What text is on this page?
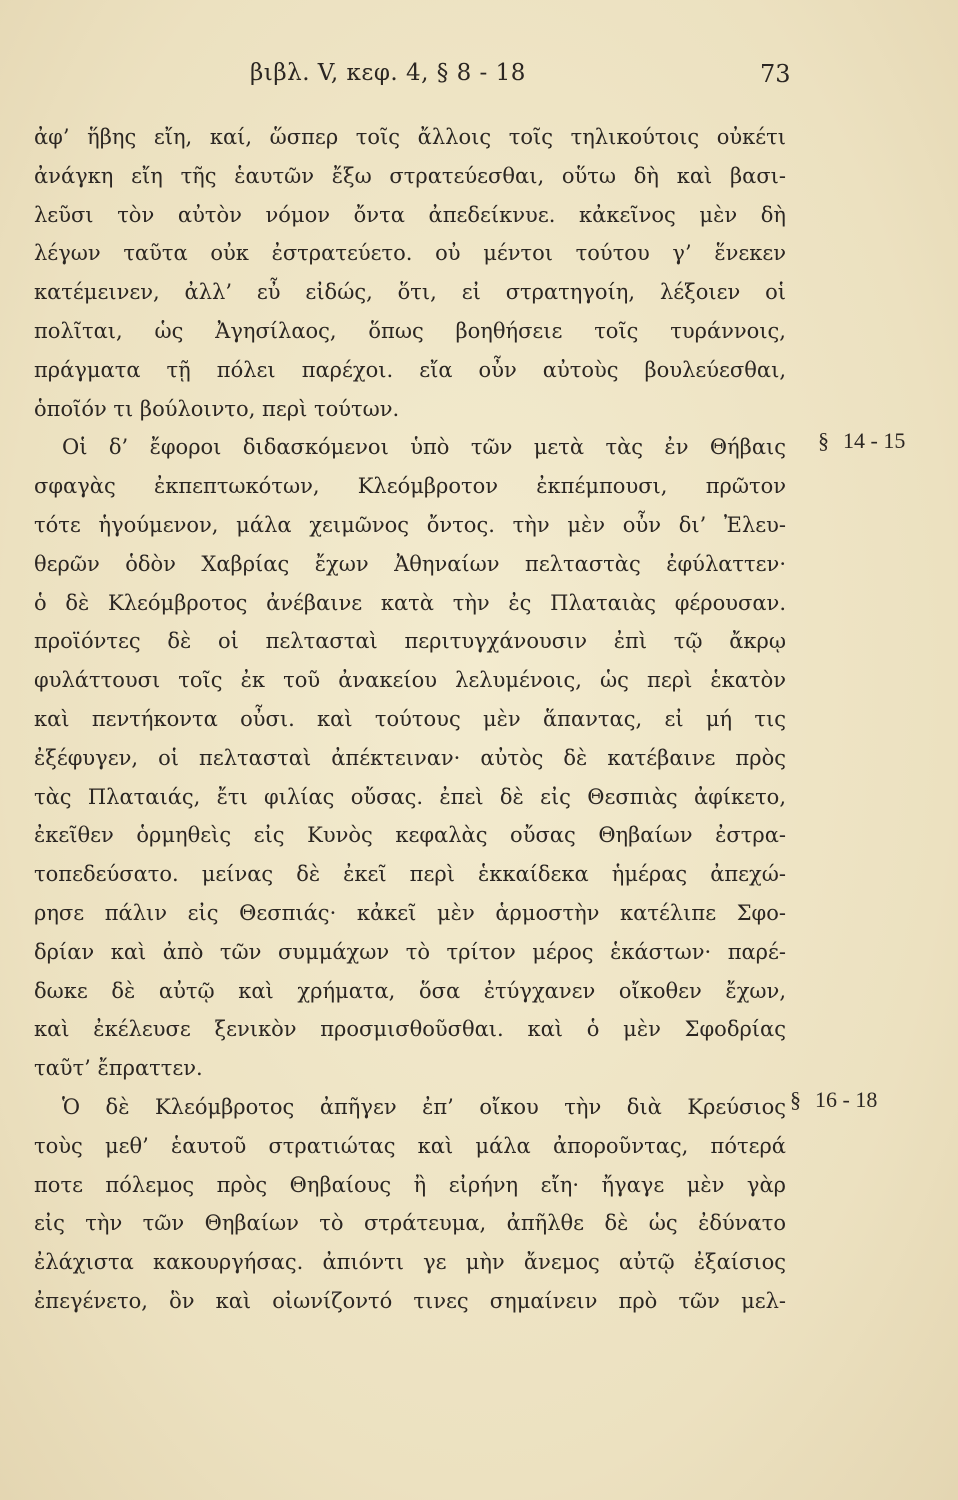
βιβλ. V, κεφ. 4, § 8 - 18	73
ἀφ’ ἥβης εἴη, καί, ὥσπερ τοῖς ἄλλοις τοῖς τηλικούτοις οὐκέτι
ἀνάγκη εἴη τῆς ἑαυτῶν ἔξω στρατεύεσθαι, οὕτω δὴ καὶ βασι-
λεῦσι τὸν αὐτὸν νόμον ὄντα ἀπεδείκνυε. κἀκεῖνος μὲν δὴ
λέγων ταῦτα οὐκ ἐστρατεύετο. οὐ μέντοι τούτου γ’ ἕνεκεν
κατέμεινεν, ἀλλ’ εὖ εἰδώς, ὅτι, εἰ στρατηγοίη, λέξοιεν οἱ
πολῖται, ὡς Ἀγησίλαος, ὅπως βοηθήσειε τοῖς τυράννοις,
πράγματα τῇ πόλει παρέχοι. εἴα οὖν αὐτοὺς βουλεύεσθαι,
ὁποῖόν τι βούλοιντο, περὶ τούτων.
Οἱ δ’ ἔφοροι διδασκόμενοι ὑπὸ τῶν μετὰ τὰς ἐν Θήβαις
σφαγὰς ἐκπεπτωκότων, Κλεόμβροτον ἐκπέμπουσι, πρῶτον
τότε ἡγούμενον, μάλα χειμῶνος ὄντος. τὴν μὲν οὖν δι’ Ἐλευ-
θερῶν ὁδὸν Χαβρίας ἔχων Ἀθηναίων πελταστὰς ἐφύλαττεν·
ὁ δὲ Κλεόμβροτος ἀνέβαινε κατὰ τὴν ἐς Πλαταιὰς φέρουσαν.
προϊόντες δὲ οἱ πελτασταὶ περιτυγχάνουσιν ἐπὶ τῷ ἄκρῳ
φυλάττουσι τοῖς ἐκ τοῦ ἀνακείου λελυμένοις, ὡς περὶ ἑκατὸν
καὶ πεντήκοντα οὖσι. καὶ τούτους μὲν ἅπαντας, εἰ μή τις
ἐξέφυγεν, οἱ πελτασταὶ ἀπέκτειναν· αὐτὸς δὲ κατέβαινε πρὸς
τὰς Πλαταιάς, ἔτι φιλίας οὔσας. ἐπεὶ δὲ εἰς Θεσπιὰς ἀφίκετο,
ἐκεῖθεν ὁρμηθεὶς εἰς Κυνὸς κεφαλὰς οὔσας Θηβαίων ἐστρα-
τοπεδεύσατο. μείνας δὲ ἐκεῖ περὶ ἑκκαίδεκα ἡμέρας ἀπεχώ-
ρησε πάλιν εἰς Θεσπιάς· κἀκεῖ μὲν ἁρμοστὴν κατέλιπε Σφο-
δρίαν καὶ ἀπὸ τῶν συμμάχων τὸ τρίτον μέρος ἑκάστων· παρέ-
δωκε δὲ αὐτῷ καὶ χρήματα, ὅσα ἐτύγχανεν οἴκοθεν ἔχων,
καὶ ἐκέλευσε ξενικὸν προσμισθοῦσθαι. καὶ ὁ μὲν Σφοδρίας
ταῦτ’ ἔπραττεν.
Ὁ δὲ Κλεόμβροτος ἀπῆγεν ἐπ’ οἴκου τὴν διὰ Κρεύσιος
τοὺς μεθ’ ἑαυτοῦ στρατιώτας καὶ μάλα ἀποροῦντας, πότερά
ποτε πόλεμος πρὸς Θηβαίους ἢ εἰρήνη εἴη· ἤγαγε μὲν γὰρ
εἰς τὴν τῶν Θηβαίων τὸ στράτευμα, ἀπῆλθε δὲ ὡς ἐδύνατο
ἐλάχιστα κακουργήσας. ἀπιόντι γε μὴν ἄνεμος αὐτῷ ἐξαίσιος
ἐπεγένετο, ὃν καὶ οἰωνίζοντό τινες σημαίνειν πρὸ τῶν μελ-
§ 14 - 15
§ 16 - 18
